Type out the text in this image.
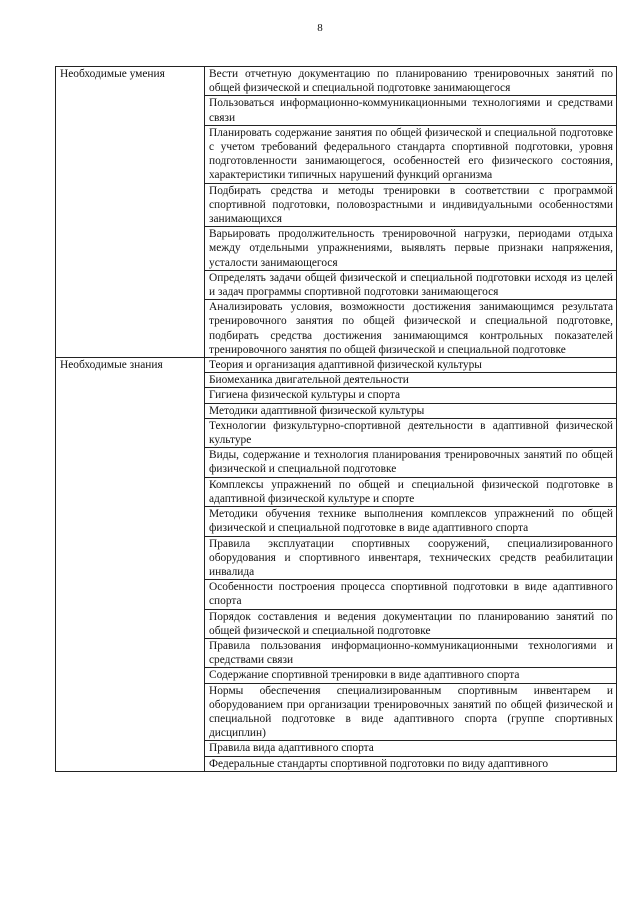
8
Необходимые умения	Вести отчетную документацию по планированию тренировочных занятий по общей физической и специальной подготовке занимающегося
	Пользоваться информационно-коммуникационными технологиями и средствами связи
	Планировать содержание занятия по общей физической и специальной подготовке с учетом требований федерального стандарта спортивной подготовки, уровня подготовленности занимающегося, особенностей его физического состояния, характеристики типичных нарушений функций организма
	Подбирать средства и методы тренировки в соответствии с программой спортивной подготовки, половозрастными и индивидуальными особенностями занимающихся
	Варьировать продолжительность тренировочной нагрузки, периодами отдыха между отдельными упражнениями, выявлять первые признаки напряжения, усталости занимающегося
	Определять задачи общей физической и специальной подготовки исходя из целей и задач программы спортивной подготовки занимающегося
	Анализировать условия, возможности достижения занимающимся результата тренировочного занятия по общей физической и специальной подготовке, подбирать средства достижения занимающимся контрольных показателей тренировочного занятия по общей физической и специальной подготовке
Необходимые знания	Теория и организация адаптивной физической культуры
	Биомеханика двигательной деятельности
	Гигиена физической культуры и спорта
	Методики адаптивной физической культуры
	Технологии физкультурно-спортивной деятельности в адаптивной физической культуре
	Виды, содержание и технология планирования тренировочных занятий по общей физической и специальной подготовке
	Комплексы упражнений по общей и специальной физической подготовке в адаптивной физической культуре и спорте
	Методики обучения технике выполнения комплексов упражнений по общей физической и специальной подготовке в виде адаптивного спорта
	Правила эксплуатации спортивных сооружений, специализированного оборудования и спортивного инвентаря, технических средств реабилитации инвалида
	Особенности построения процесса спортивной подготовки в виде адаптивного спорта
	Порядок составления и ведения документации по планированию занятий по общей физической и специальной подготовке
	Правила пользования информационно-коммуникационными технологиями и средствами связи
	Содержание спортивной тренировки в виде адаптивного спорта
	Нормы обеспечения специализированным спортивным инвентарем и оборудованием при организации тренировочных занятий по общей физической и специальной подготовке в виде адаптивного спорта (группе спортивных дисциплин)
	Правила вида адаптивного спорта
	Федеральные стандарты спортивной подготовки по виду адаптивного
